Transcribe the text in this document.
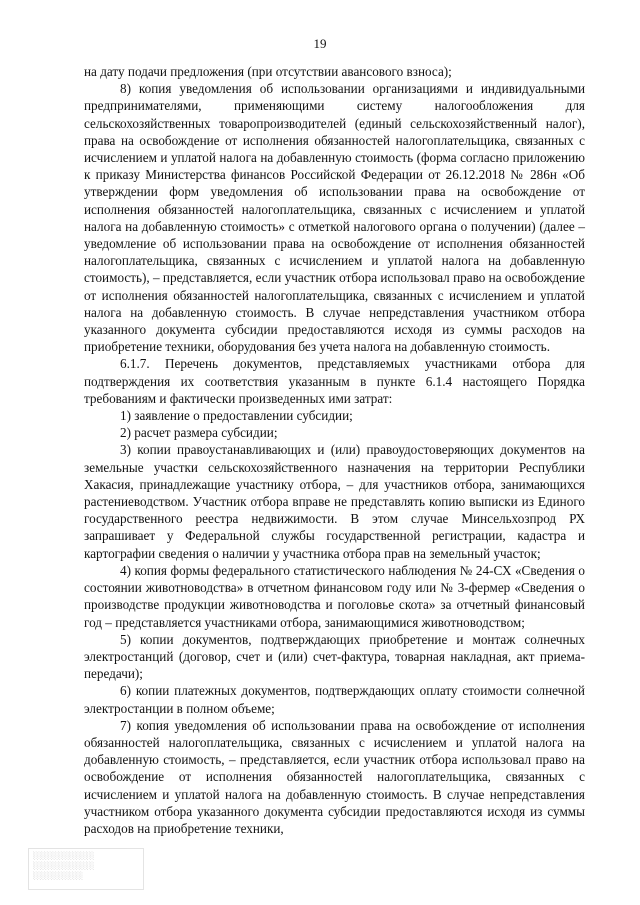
19

на дату подачи предложения (при отсутствии авансового взноса);

8) копия уведомления об использовании организациями и индивидуальными предпринимателями, применяющими систему налогообложения для сельскохозяйственных товаропроизводителей (единый сельскохозяйственный налог), права на освобождение от исполнения обязанностей налогоплательщика, связанных с исчислением и уплатой налога на добавленную стоимость (форма согласно приложению к приказу Министерства финансов Российской Федерации от 26.12.2018 № 286н «Об утверждении форм уведомления об использовании права на освобождение от исполнения обязанностей налогоплательщика, связанных с исчислением и уплатой налога на добавленную стоимость» с отметкой налогового органа о получении) (далее – уведомление об использовании права на освобождение от исполнения обязанностей налогоплательщика, связанных с исчислением и уплатой налога на добавленную стоимость), – представляется, если участник отбора использовал право на освобождение от исполнения обязанностей налогоплательщика, связанных с исчислением и уплатой налога на добавленную стоимость. В случае непредставления участником отбора указанного документа субсидии предоставляются исходя из суммы расходов на приобретение техники, оборудования без учета налога на добавленную стоимость.

6.1.7. Перечень документов, представляемых участниками отбора для подтверждения их соответствия указанным в пункте 6.1.4 настоящего Порядка требованиям и фактически произведенных ими затрат:

1) заявление о предоставлении субсидии;

2) расчет размера субсидии;

3) копии правоустанавливающих и (или) правоудостоверяющих документов на земельные участки сельскохозяйственного назначения на территории Республики Хакасия, принадлежащие участнику отбора, – для участников отбора, занимающихся растениеводством. Участник отбора вправе не представлять копию выписки из Единого государственного реестра недвижимости. В этом случае Минсельхозпрод РХ запрашивает у Федеральной службы государственной регистрации, кадастра и картографии сведения о наличии у участника отбора прав на земельный участок;

4) копия формы федерального статистического наблюдения № 24-СХ «Сведения о состоянии животноводства» в отчетном финансовом году или № 3-фермер «Сведения о производстве продукции животноводства и поголовье скота» за отчетный финансовый год – представляется участниками отбора, занимающимися животноводством;

5) копии документов, подтверждающих приобретение и монтаж солнечных электростанций (договор, счет и (или) счет-фактура, товарная накладная, акт приема-передачи);

6) копии платежных документов, подтверждающих оплату стоимости солнечной электростанции в полном объеме;

7) копия уведомления об использовании права на освобождение от исполнения обязанностей налогоплательщика, связанных с исчислением и уплатой налога на добавленную стоимость, – представляется, если участник отбора использовал право на освобождение от исполнения обязанностей налогоплательщика, связанных с исчислением и уплатой налога на добавленную стоимость. В случае непредставления участником отбора указанного документа субсидии предоставляются исходя из суммы расходов на приобретение техники,

░░░░░░░░░░░
░░░░░░░░░░░
░░░░░░░░░
